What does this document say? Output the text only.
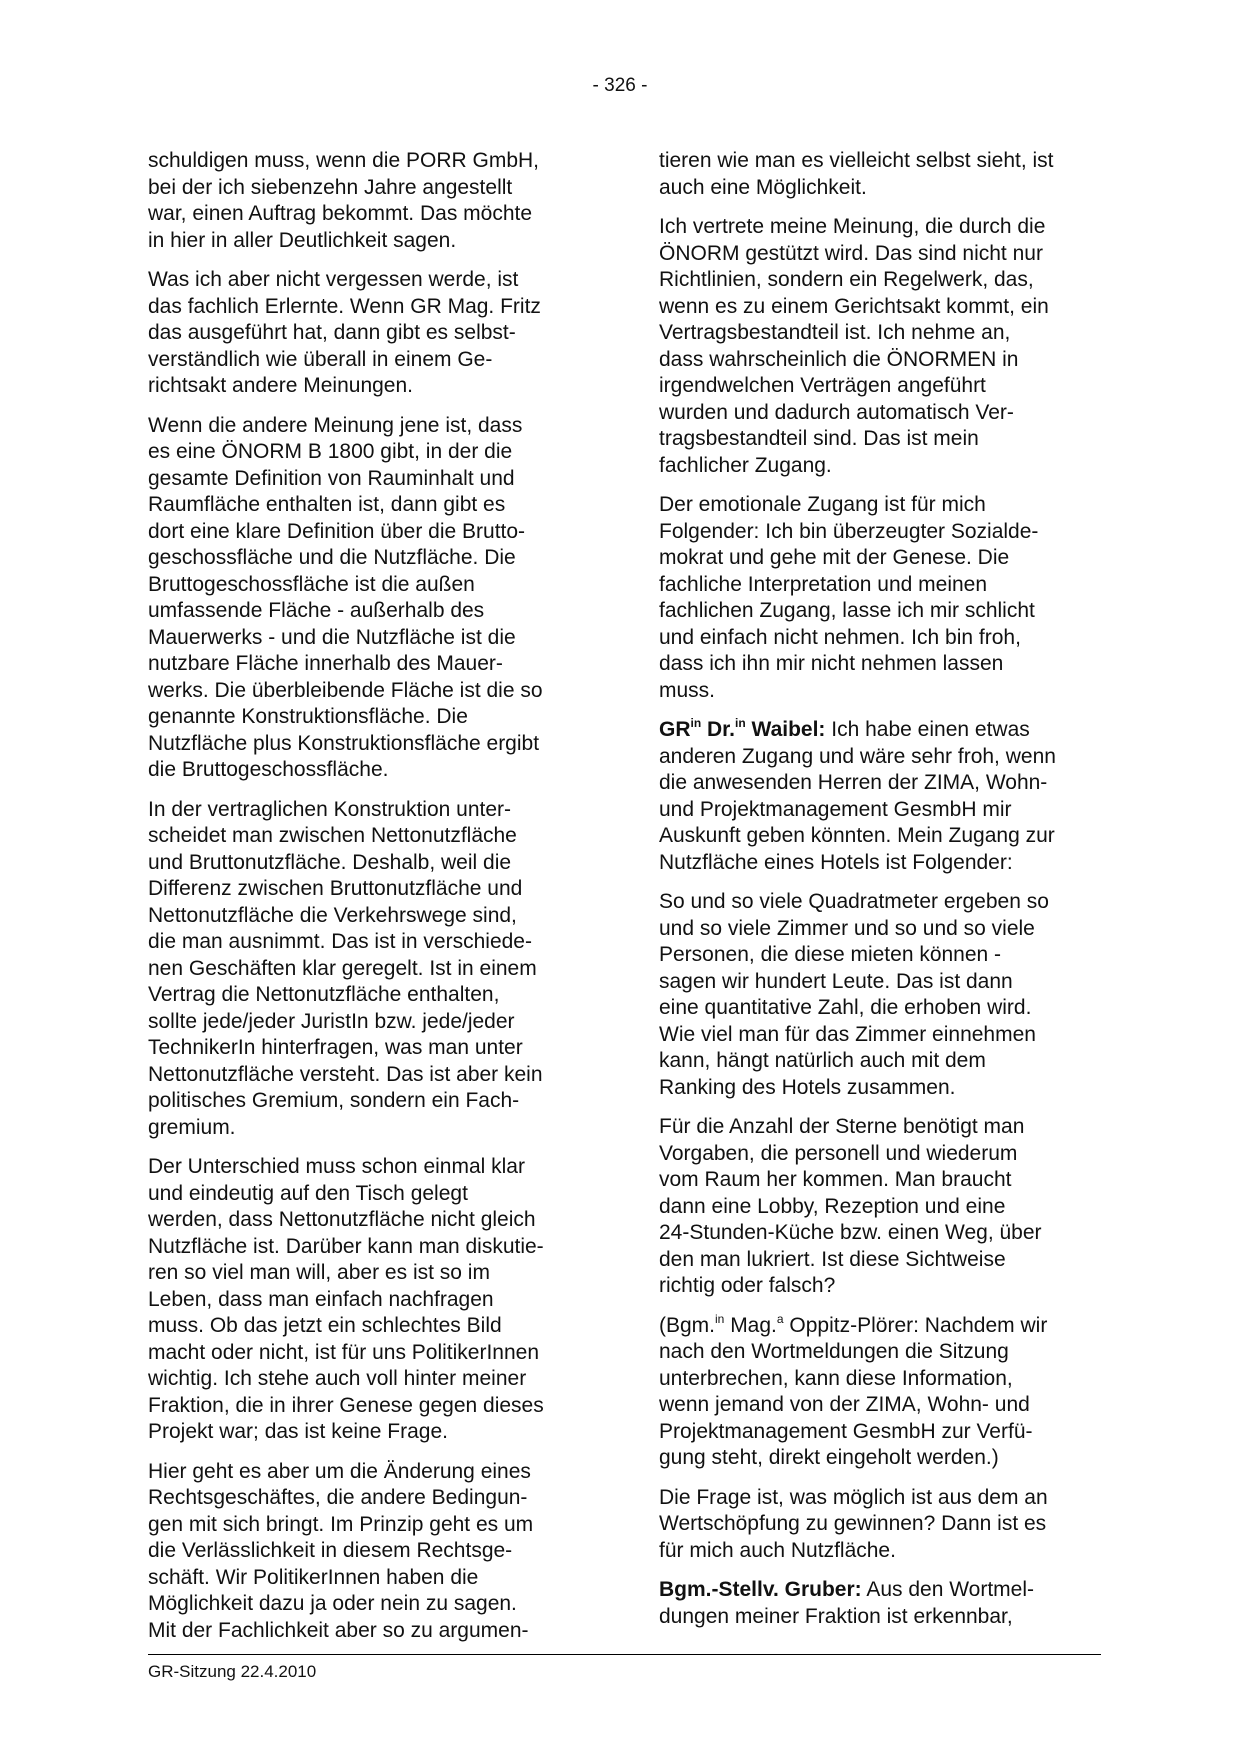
- 326 -

schuldigen muss, wenn die PORR GmbH,
bei der ich siebenzehn Jahre angestellt
war, einen Auftrag bekommt. Das möchte
in hier in aller Deutlichkeit sagen.

Was ich aber nicht vergessen werde, ist
das fachlich Erlernte. Wenn GR Mag. Fritz
das ausgeführt hat, dann gibt es selbst-
verständlich wie überall in einem Ge-
richtsakt andere Meinungen.

Wenn die andere Meinung jene ist, dass
es eine ÖNORM B 1800 gibt, in der die
gesamte Definition von Rauminhalt und
Raumfläche enthalten ist, dann gibt es
dort eine klare Definition über die Brutto-
geschossfläche und die Nutzfläche. Die
Bruttogeschossfläche ist die außen
umfassende Fläche - außerhalb des
Mauerwerks - und die Nutzfläche ist die
nutzbare Fläche innerhalb des Mauer-
werks. Die überbleibende Fläche ist die so
genannte Konstruktionsfläche. Die
Nutzfläche plus Konstruktionsfläche ergibt
die Bruttogeschossfläche.

In der vertraglichen Konstruktion unter-
scheidet man zwischen Nettonutzfläche
und Bruttonutzfläche. Deshalb, weil die
Differenz zwischen Bruttonutzfläche und
Nettonutzfläche die Verkehrswege sind,
die man ausnimmt. Das ist in verschiede-
nen Geschäften klar geregelt. Ist in einem
Vertrag die Nettonutzfläche enthalten,
sollte jede/jeder JuristIn bzw. jede/jeder
TechnikerIn hinterfragen, was man unter
Nettonutzfläche versteht. Das ist aber kein
politisches Gremium, sondern ein Fach-
gremium.

Der Unterschied muss schon einmal klar
und eindeutig auf den Tisch gelegt
werden, dass Nettonutzfläche nicht gleich
Nutzfläche ist. Darüber kann man diskutie-
ren so viel man will, aber es ist so im
Leben, dass man einfach nachfragen
muss. Ob das jetzt ein schlechtes Bild
macht oder nicht, ist für uns PolitikerInnen
wichtig. Ich stehe auch voll hinter meiner
Fraktion, die in ihrer Genese gegen dieses
Projekt war; das ist keine Frage.

Hier geht es aber um die Änderung eines
Rechtsgeschäftes, die andere Bedingun-
gen mit sich bringt. Im Prinzip geht es um
die Verlässlichkeit in diesem Rechtsge-
schäft. Wir PolitikerInnen haben die
Möglichkeit dazu ja oder nein zu sagen.
Mit der Fachlichkeit aber so zu argumen-

tieren wie man es vielleicht selbst sieht, ist
auch eine Möglichkeit.

Ich vertrete meine Meinung, die durch die
ÖNORM gestützt wird. Das sind nicht nur
Richtlinien, sondern ein Regelwerk, das,
wenn es zu einem Gerichtsakt kommt, ein
Vertragsbestandteil ist. Ich nehme an,
dass wahrscheinlich die ÖNORMEN in
irgendwelchen Verträgen angeführt
wurden und dadurch automatisch Ver-
tragsbestandteil sind. Das ist mein
fachlicher Zugang.

Der emotionale Zugang ist für mich
Folgender: Ich bin überzeugter Sozialde-
mokrat und gehe mit der Genese. Die
fachliche Interpretation und meinen
fachlichen Zugang, lasse ich mir schlicht
und einfach nicht nehmen. Ich bin froh,
dass ich ihn mir nicht nehmen lassen
muss.

$GR^{in}$ Dr.$^{in}$ Waibel: Ich habe einen etwas
anderen Zugang und wäre sehr froh, wenn
die anwesenden Herren der ZIMA, Wohn-
und Projektmanagement GesmbH mir
Auskunft geben könnten. Mein Zugang zur
Nutzfläche eines Hotels ist Folgender:

So und so viele Quadratmeter ergeben so
und so viele Zimmer und so und so viele
Personen, die diese mieten können -
sagen wir hundert Leute. Das ist dann
eine quantitative Zahl, die erhoben wird.
Wie viel man für das Zimmer einnehmen
kann, hängt natürlich auch mit dem
Ranking des Hotels zusammen.

Für die Anzahl der Sterne benötigt man
Vorgaben, die personell und wiederum
vom Raum her kommen. Man braucht
dann eine Lobby, Rezeption und eine
24-Stunden-Küche bzw. einen Weg, über
den man lukriert. Ist diese Sichtweise
richtig oder falsch?

(Bgm.$^{in}$ Mag.$^a$ Oppitz-Plörer: Nachdem wir
nach den Wortmeldungen die Sitzung
unterbrechen, kann diese Information,
wenn jemand von der ZIMA, Wohn- und
Projektmanagement GesmbH zur Verfü-
gung steht, direkt eingeholt werden.)

Die Frage ist, was möglich ist aus dem an
Wertschöpfung zu gewinnen? Dann ist es
für mich auch Nutzfläche.

Bgm.-Stellv. Gruber: Aus den Wortmel-
dungen meiner Fraktion ist erkennbar,

GR-Sitzung 22.4.2010
